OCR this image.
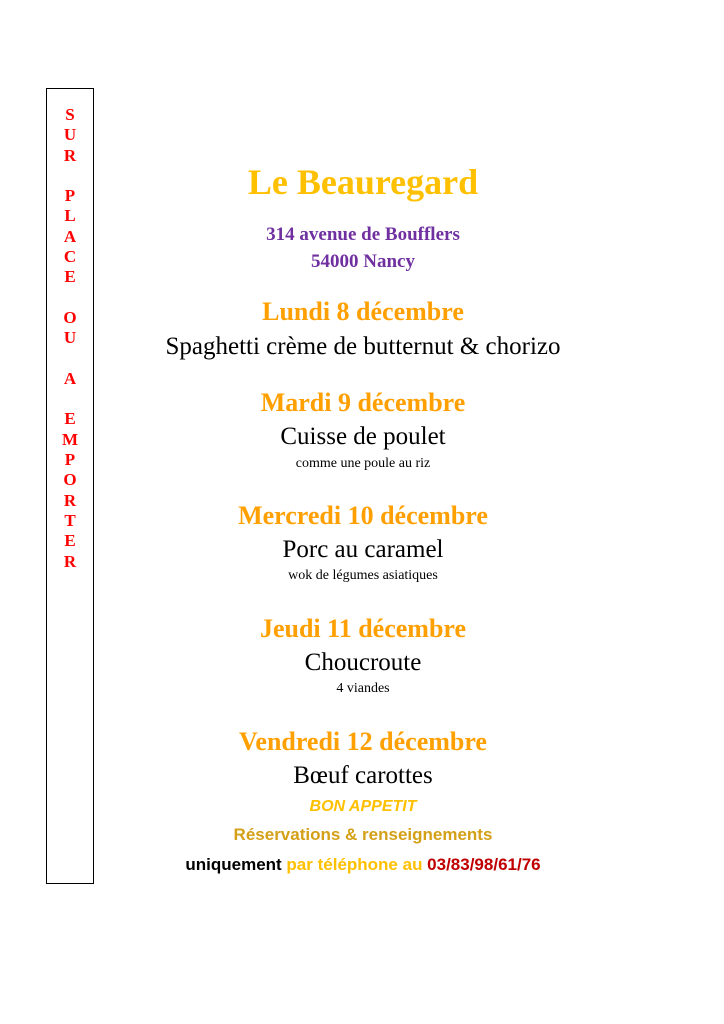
S
U
R
P
L
A
C
E
O
U
A
E
M
P
O
R
T
E
R
Le Beauregard
314 avenue de Boufflers
54000 Nancy
Lundi 8 décembre
Spaghetti crème de butternut & chorizo
Mardi 9 décembre
Cuisse de poulet
comme une poule au riz
Mercredi 10 décembre
Porc au caramel
wok de légumes asiatiques
Jeudi 11 décembre
Choucroute
4 viandes
Vendredi 12 décembre
Bœuf carottes
BON APPETIT
Réservations & renseignements
uniquement par téléphone au 03/83/98/61/76
